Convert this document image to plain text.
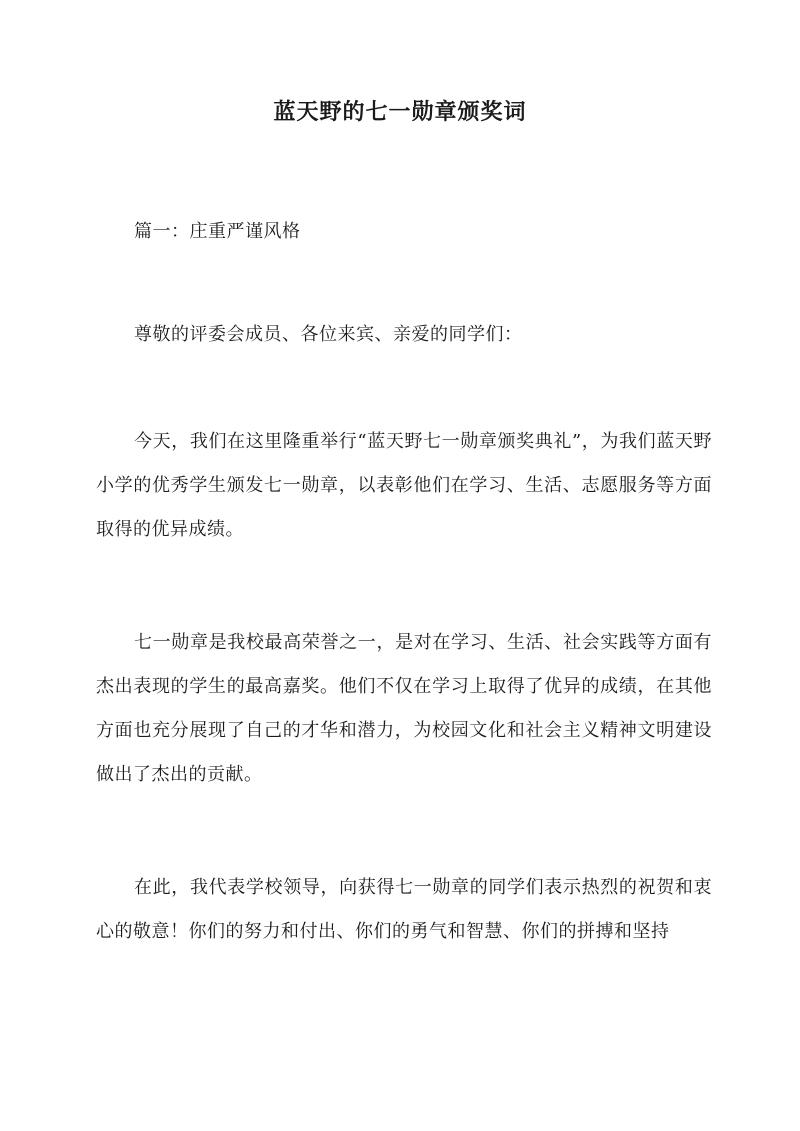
蓝天野的七一勋章颁奖词

篇一：庄重严谨风格

尊敬的评委会成员、各位来宾、亲爱的同学们：

今天，我们在这里隆重举行“蓝天野七一勋章颁奖典礼”，为我们蓝天野小学的优秀学生颁发七一勋章，以表彰他们在学习、生活、志愿服务等方面取得的优异成绩。

七一勋章是我校最高荣誉之一，是对在学习、生活、社会实践等方面有杰出表现的学生的最高嘉奖。他们不仅在学习上取得了优异的成绩，在其他方面也充分展现了自己的才华和潜力，为校园文化和社会主义精神文明建设做出了杰出的贡献。

在此，我代表学校领导，向获得七一勋章的同学们表示热烈的祝贺和衷心的敬意！你们的努力和付出、你们的勇气和智慧、你们的拼搏和坚持
